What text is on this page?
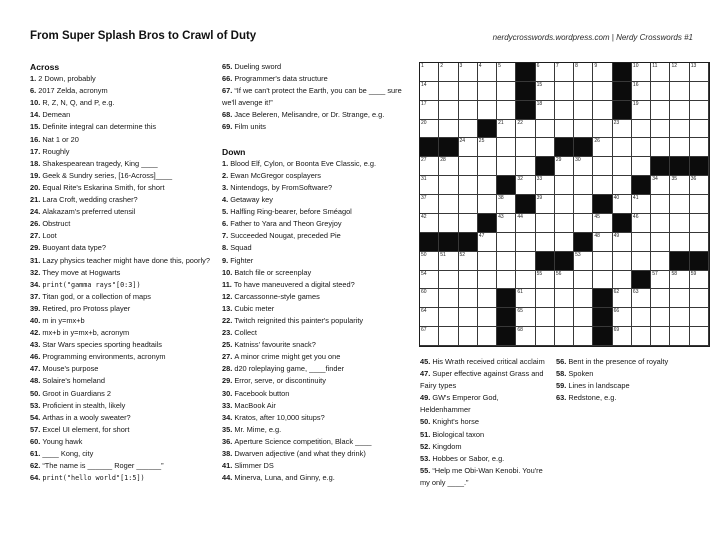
From Super Splash Bros to Crawl of Duty	nerdycrosswords.wordpress.com | Nerdy Crosswords #1
Across
1. 2 Down, probably
6. 2017 Zelda, acronym
10. R, Z, N, Q, and P, e.g.
14. Demean
15. Definite integral can determine this
16. Nat 1 or 20
17. Roughly
18. Shakespearean tragedy, King ____
19. Geek & Sundry series, [16-Across]____
20. Equal Rite's Eskarina Smith, for short
21. Lara Croft, wedding crasher?
24. Alakazam's preferred utensil
26. Obstruct
27. Loot
29. Buoyant data type?
31. Lazy physics teacher might have done this, poorly?
32. They move at Hogwarts
34. print("gamma rays"[0:3])
37. Titan god, or a collection of maps
39. Retired, pro Protoss player
40. m in y=mx+b
42. mx+b in y=mx+b, acronym
43. Star Wars species sporting headtails
46. Programming environments, acronym
47. Mouse's purpose
48. Solaire's homeland
50. Groot in Guardians 2
53. Proficient in stealth, likely
54. Arthas in a wooly sweater?
57. Excel UI element, for short
60. Young hawk
61. ____ Kong, city
62. “The name is ______ Roger ______”
64. print("hello world"[1:5])
65. Dueling sword
66. Programmer's data structure
67. “If we can't protect the Earth, you can be ____ sure we'll avenge it!”
68. Jace Beleren, Melisandre, or Dr. Strange, e.g.
69. Film units
Down
1. Blood Elf, Cylon, or Boonta Eve Classic, e.g.
2. Ewan McGregor cosplayers
3. Nintendogs, by FromSoftware?
4. Getaway key
5. Halfling Ring-bearer, before Sméagol
6. Father to Yara and Theon Greyjoy
7. Succeeded Nougat, preceded Pie
8. Squad
9. Fighter
10. Batch file or screenplay
11. To have maneuvered a digital steed?
12. Carcassonne-style games
13. Cubic meter
22. Twitch reignited this painter's popularity
23. Collect
25. Katniss' favourite snack?
27. A minor crime might get you one
28. d20 roleplaying game, ____finder
29. Error, serve, or discontinuity
30. Facebook button
33. MacBook Air
34. Kratos, after 10,000 situps?
35. Mr. Mime, e.g.
36. Aperture Science competition, Black ____
38. Dwarven adjective (and what they drink)
41. Slimmer DS
44. Minerva, Luna, and Ginny, e.g.
45. His Wrath received critical acclaim
47. Super effective against Grass and Fairy types
49. GW's Emperor God, Heldenhammer
50. Knight's horse
51. Biological taxon
52. Kingdom
53. Hobbes or Sabor, e.g.
55. “Help me Obi-Wan Kenobi. You're my only ____.”
56. Bent in the presence of royalty
58. Spoken
59. Lines in landscape
63. Redstone, e.g.
1	2	3	4	5	6	7	8	9	10	11	12	13
14	15	16
17	18	19
20	21	22	23
24	25	26
27	28	29	30
31	32	33	34	35	36
37	38	39	40	41
42	43	44	45	46
47	48	49
50	51	52	53
54	55	56	57	58	59
60	61	62	63
64	65	66
67	68	69
